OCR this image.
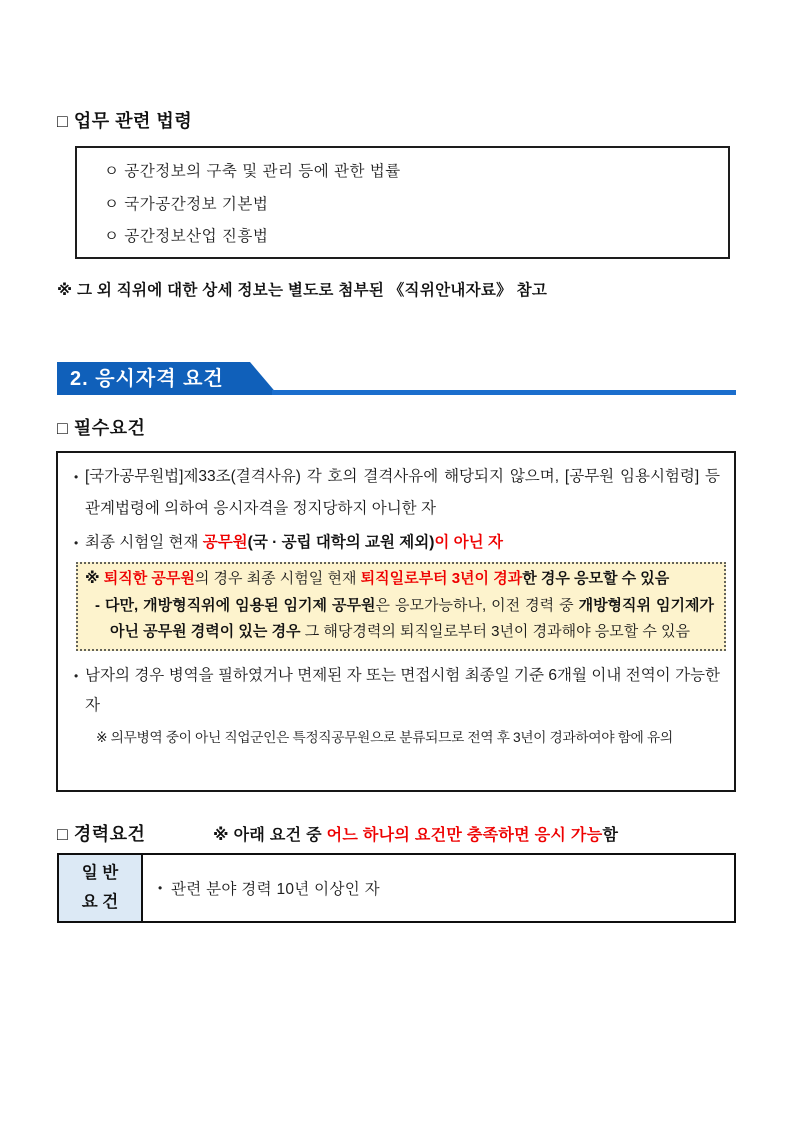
□ 업무 관련 법령
ㅇ 공간정보의 구축 및 관리 등에 관한 법률
ㅇ 국가공간정보 기본법
ㅇ 공간정보산업 진흥법
※ 그 외 직위에 대한 상세 정보는 별도로 첨부된 《직위안내자료》 참고
2. 응시자격 요건
□ 필수요건
• [국가공무원법]제33조(결격사유) 각 호의 결격사유에 해당되지 않으며, [공무원 임용시험령] 등 관계법령에 의하여 응시자격을 정지당하지 아니한 자
• 최종 시험일 현재 공무원(국 · 공립 대학의 교원 제외)이 아닌 자
※ 퇴직한 공무원의 경우 최종 시험일 현재 퇴직일로부터 3년이 경과한 경우 응모할 수 있음
- 다만, 개방형직위에 임용된 임기제 공무원은 응모가능하나, 이전 경력 중 개방형직위 임기제가 아닌 공무원 경력이 있는 경우 그 해당경력의 퇴직일로부터 3년이 경과해야 응모할 수 있음
• 남자의 경우 병역을 필하였거나 면제된 자 또는 면접시험 최종일 기준 6개월 이내 전역이 가능한 자
※ 의무병역 중이 아닌 직업군인은 특정직공무원으로 분류되므로 전역 후 3년이 경과하여야 함에 유의
□ 경력요건	※ 아래 요건 중 어느 하나의 요건만 충족하면 응시 가능함
일 반
요 건
• 관련 분야 경력 10년 이상인 자
